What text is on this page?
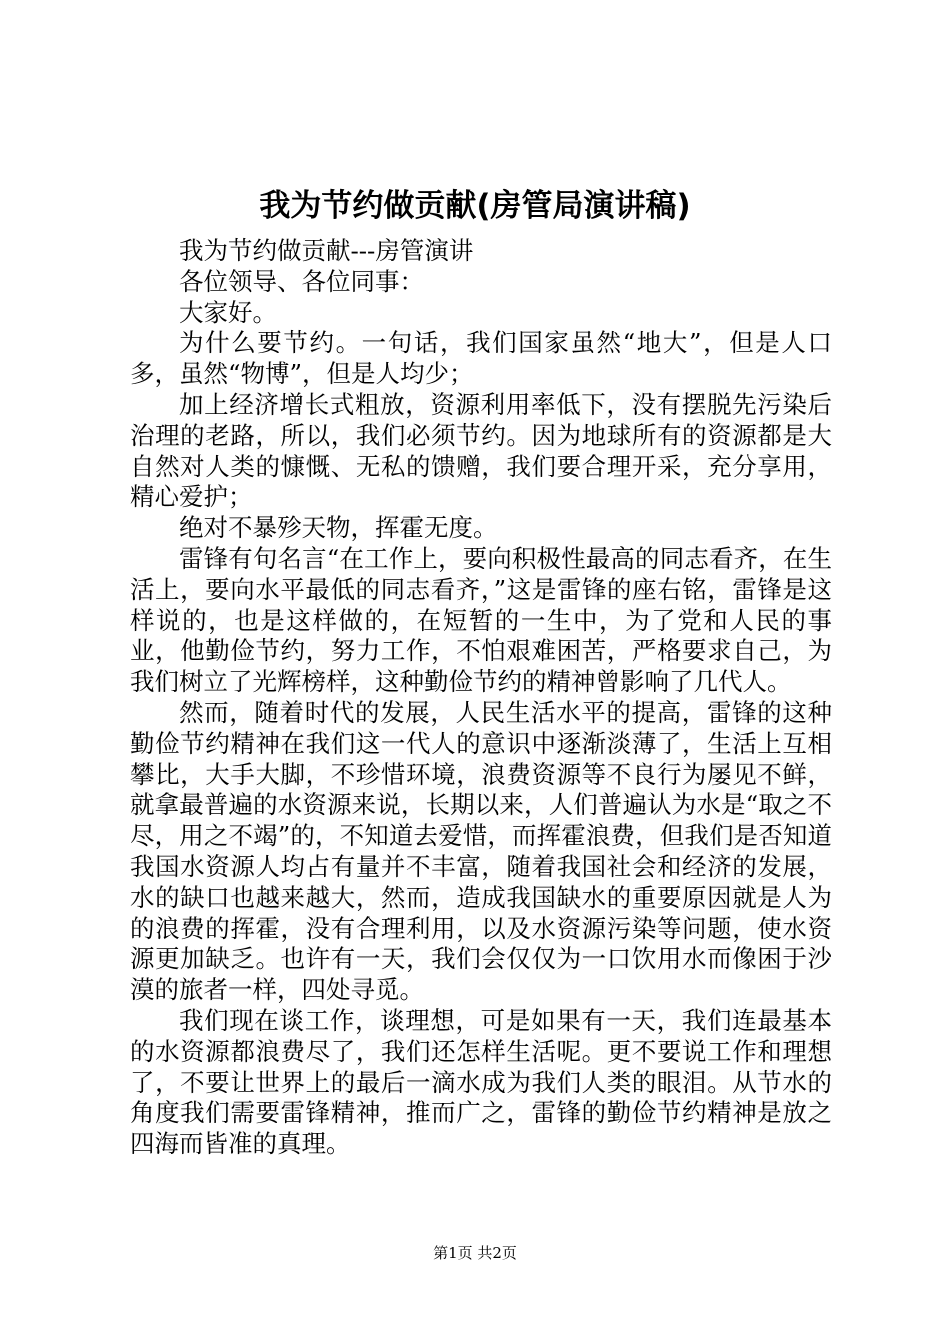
我为节约做贡献(房管局演讲稿)

我为节约做贡献---房管演讲

各位领导、各位同事：

大家好。

为什么要节约。一句话，我们国家虽然“地大”，但是人口多，虽然“物博”，但是人均少；

加上经济增长式粗放，资源利用率低下，没有摆脱先污染后治理的老路，所以，我们必须节约。因为地球所有的资源都是大自然对人类的慷慨、无私的馈赠，我们要合理开采，充分享用，精心爱护；

绝对不暴殄天物，挥霍无度。

雷锋有句名言“在工作上，要向积极性最高的同志看齐，在生活上，要向水平最低的同志看齐，”这是雷锋的座右铭，雷锋是这样说的，也是这样做的，在短暂的一生中，为了党和人民的事业，他勤俭节约，努力工作，不怕艰难困苦，严格要求自己，为我们树立了光辉榜样，这种勤俭节约的精神曾影响了几代人。

然而，随着时代的发展，人民生活水平的提高，雷锋的这种勤俭节约精神在我们这一代人的意识中逐渐淡薄了，生活上互相攀比，大手大脚，不珍惜环境，浪费资源等不良行为屡见不鲜，就拿最普遍的水资源来说，长期以来，人们普遍认为水是“取之不尽，用之不竭”的，不知道去爱惜，而挥霍浪费，但我们是否知道我国水资源人均占有量并不丰富，随着我国社会和经济的发展，水的缺口也越来越大，然而，造成我国缺水的重要原因就是人为的浪费的挥霍，没有合理利用，以及水资源污染等问题，使水资源更加缺乏。也许有一天，我们会仅仅为一口饮用水而像困于沙漠的旅者一样，四处寻觅。

我们现在谈工作，谈理想，可是如果有一天，我们连最基本的水资源都浪费尽了，我们还怎样生活呢。更不要说工作和理想了，不要让世界上的最后一滴水成为我们人类的眼泪。从节水的角度我们需要雷锋精神，推而广之，雷锋的勤俭节约精神是放之四海而皆准的真理。

第1页 共2页
